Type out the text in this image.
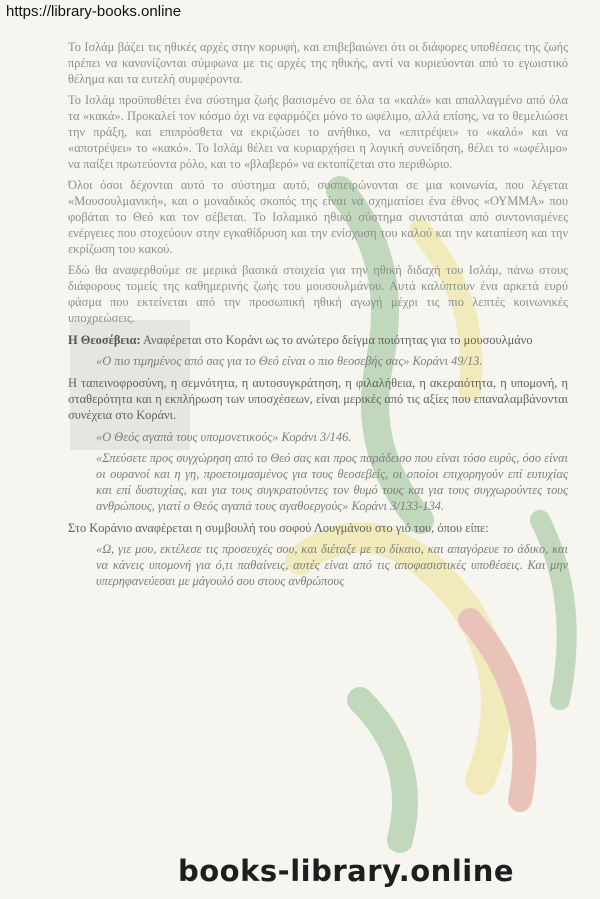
https://library-books.online

Το Ισλάμ βάζει τις ηθικές αρχές στην κορυφή, και επιβεβαιώνει ότι οι διάφορες υποθέσεις της ζωής πρέπει να κανονίζονται σύμφωνα με τις αρχές της ηθικής, αντί να κυριεύονται από το εγωιστικό θέλημα και τα ευτελή συμφέροντα.

Το Ισλάμ προϋποθέτει ένα σύστημα ζωής βασισμένο σε όλα τα «καλά» και απαλλαγμένο από όλα τα «κακά». Προκαλεί τον κόσμο όχι να εφαρμόζει μόνο το ωφέλιμο, αλλά επίσης, να το θεμελιώσει την πράξη, και επιπρόσθετα να εκριζώσει το ανήθικο, να «επιτρέψει» το «καλό» και να «αποτρέψει» το «κακό». Το Ισλάμ θέλει να κυριαρχήσει η λογική συνείδηση, θέλει το «ωφέλιμο» να παίξει πρωτεύοντα ρόλο, και το «βλαβερό» να εκτοπίζεται στο περιθώριο.

Όλοι όσοι δέχονται αυτό το σύστημα αυτό, συσπειρώνονται σε μια κοινωνία, που λέγεται «Μουσουλμανική», και ο μοναδικός σκοπός της είναι να σχηματίσει ένα έθνος «ΟΥΜΜΑ» που φοβάται το Θεό και τον σέβεται. Το Ισλαμικό ηθικό σύστημα συνιστάται από συντονισμένες ενέργειες που στοχεύουν στην εγκαθίδρυση και την ενίσχυση του καλού και την καταπίεση και την εκρίζωση του κακού.

Εδώ θα αναφερθούμε σε μερικά βασικά στοιχεία για την ηθική διδαχή του Ισλάμ, πάνω στους διάφορους τομείς της καθημερινής ζωής του μουσουλμάνου. Αυτά καλύπτουν ένα αρκετά ευρύ φάσμα που εκτείνεται από την προσωπική ηθική αγωγή μέχρι τις πιο λεπτές κοινωνικές υποχρεώσεις.

Η Θεοσέβεια: Αναφέρεται στο Κοράνι ως το ανώτερο δείγμα ποιότητας για το μουσουλμάνο

«Ο πιο τιμημένος από σας για το Θεό είναι ο πιο θεοσεβής σας» Κοράνι 49/13.

Η ταπεινοφροσύνη, η σεμνότητα, η αυτοσυγκράτηση, η φιλαλήθεια, η ακεραιότητα, η υπομονή, η σταθερότητα και η εκπλήρωση των υποσχέσεων, είναι μερικές από τις αξίες που επαναλαμβάνονται συνέχεια στο Κοράνι.

«Ο Θεός αγαπά τους υπομονετικούς» Κοράνι 3/146.

«Σπεύσετε προς συγχώρηση από το Θεό σας και προς παράδεισο που είναι τόσο ευρύς, όσο είναι οι ουρανοί και η γη, προετοιμασμένος για τους θεοσεβείς, οι οποίοι επιχορηγούν επί ευτυχίας και επί δυστυχίας, και για τους συγκρατούντες τον θυμό τους και για τους συγχωρούντες τους ανθρώπους, γιατί ο Θεός αγαπά τους αγαθοεργούς» Κοράνι 3/133-134.

Στο Κοράνιο αναφέρεται η συμβουλή του σοφού Λουγμάνου στο γιό του, όπου είπε:

«Ω, γιε μου, εκτέλεσε τις προσευχές σου, και διέταξε με το δίκαιο, και απαγόρευε το άδικο, και να κάνεις υπομονή για ό,τι παθαίνεις, αυτές είναι από τις αποφασιστικές υποθέσεις. Και μην υπερηφανεύεσαι με μάγουλό σου στους ανθρώπους

books-library.online
